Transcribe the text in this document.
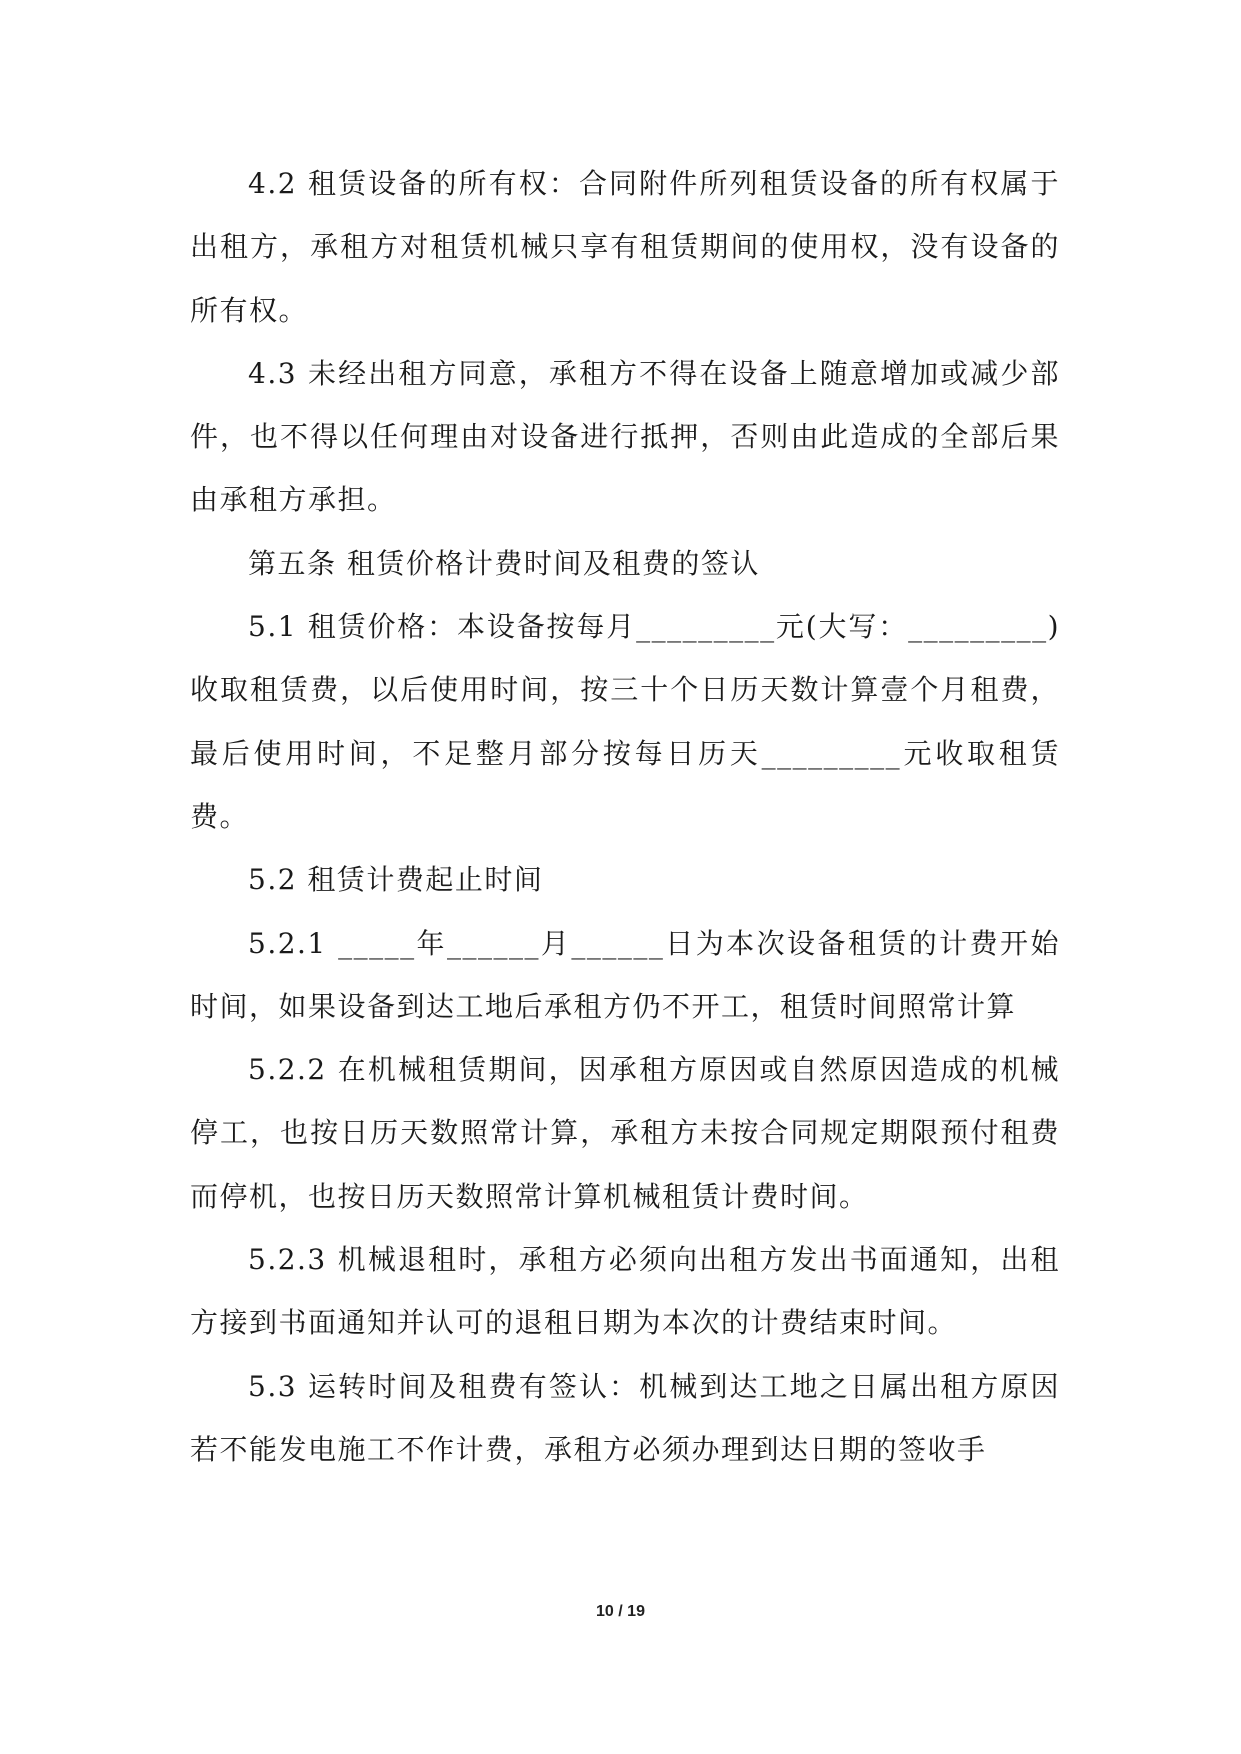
4.2 租赁设备的所有权：合同附件所列租赁设备的所有权属于出租方，承租方对租赁机械只享有租赁期间的使用权，没有设备的所有权。

4.3 未经出租方同意，承租方不得在设备上随意增加或减少部件，也不得以任何理由对设备进行抵押，否则由此造成的全部后果由承租方承担。

第五条 租赁价格计费时间及租费的签认

5.1 租赁价格：本设备按每月_________元(大写：_________) 收取租赁费，以后使用时间，按三十个日历天数计算壹个月租费，最后使用时间，不足整月部分按每日历天_________元收取租赁费。

5.2 租赁计费起止时间

5.2.1 _____年______月______日为本次设备租赁的计费开始时间，如果设备到达工地后承租方仍不开工，租赁时间照常计算

5.2.2 在机械租赁期间，因承租方原因或自然原因造成的机械停工，也按日历天数照常计算，承租方未按合同规定期限预付租费而停机，也按日历天数照常计算机械租赁计费时间。

5.2.3 机械退租时，承租方必须向出租方发出书面通知，出租方接到书面通知并认可的退租日期为本次的计费结束时间。

5.3 运转时间及租费有签认：机械到达工地之日属出租方原因若不能发电施工不作计费，承租方必须办理到达日期的签收手

10 / 19
